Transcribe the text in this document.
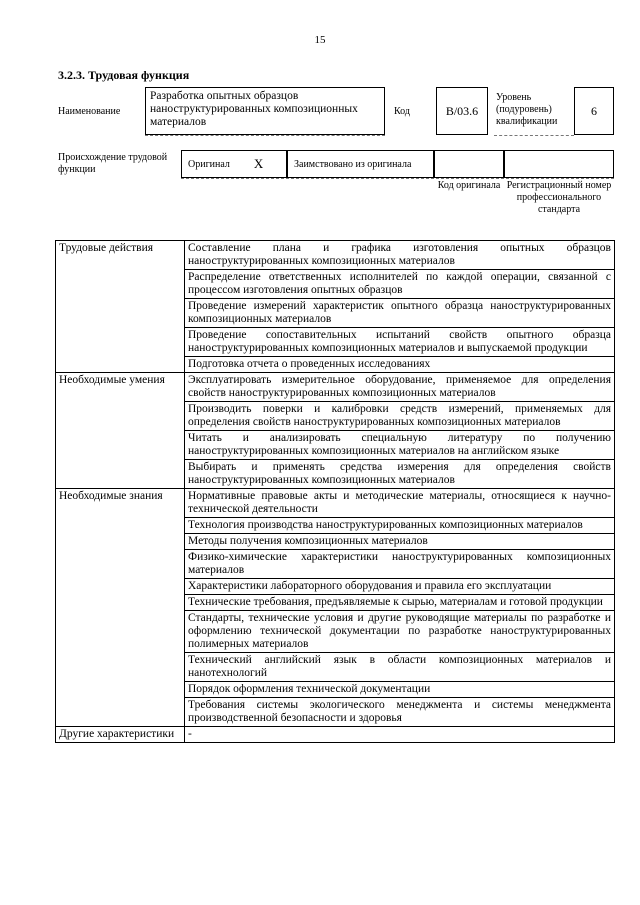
15
3.2.3. Трудовая функция
Наименование
Разработка опытных образцов наноструктурированных композиционных материалов
Код	B/03.6
Уровень (подуровень) квалификации
6
Происхождение трудовой функции	Оригинал X	Заимствовано из оригинала
Код оригинала Регистрационный номер профессионального стандарта
Трудовые действия	Составление плана и графика изготовления опытных образцов наноструктурированных композиционных материалов
	Распределение ответственных исполнителей по каждой операции, связанной с процессом изготовления опытных образцов
	Проведение измерений характеристик опытного образца наноструктурированных композиционных материалов
	Проведение сопоставительных испытаний свойств опытного образца наноструктурированных композиционных материалов и выпускаемой продукции
	Подготовка отчета о проведенных исследованиях
Необходимые умения	Эксплуатировать измерительное оборудование, применяемое для определения свойств наноструктурированных композиционных материалов
	Производить поверки и калибровки средств измерений, применяемых для определения свойств наноструктурированных композиционных материалов
	Читать и анализировать специальную литературу по получению наноструктурированных композиционных материалов на английском языке
	Выбирать и применять средства измерения для определения свойств наноструктурированных композиционных материалов
Необходимые знания	Нормативные правовые акты и методические материалы, относящиеся к научно-технической деятельности
	Технология производства наноструктурированных композиционных материалов
	Методы получения композиционных материалов
	Физико-химические характеристики наноструктурированных композиционных материалов
	Характеристики лабораторного оборудования и правила его эксплуатации
	Технические требования, предъявляемые к сырью, материалам и готовой продукции
	Стандарты, технические условия и другие руководящие материалы по разработке и оформлению технической документации по разработке наноструктурированных полимерных материалов
	Технический английский язык в области композиционных материалов и нанотехнологий
	Порядок оформления технической документации
	Требования системы экологического менеджмента и системы менеджмента производственной безопасности и здоровья
Другие характеристики	-
